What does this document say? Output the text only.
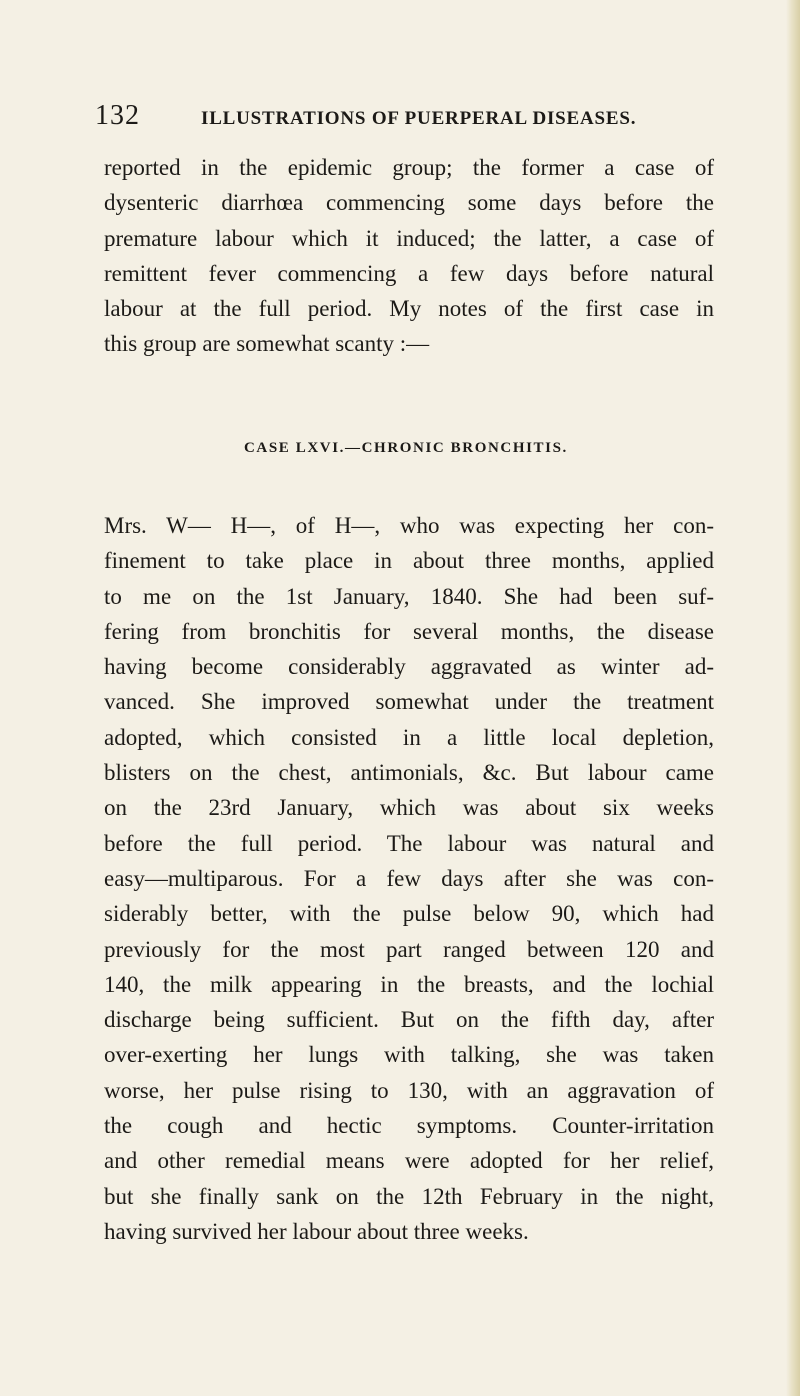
132	ILLUSTRATIONS OF PUERPERAL DISEASES.
reported in the epidemic group; the former a case of
dysenteric diarrhœa commencing some days before the
premature labour which it induced; the latter, a case of
remittent fever commencing a few days before natural
labour at the full period. My notes of the first case in
this group are somewhat scanty :—
CASE LXVI.—CHRONIC BRONCHITIS.
Mrs. W— H—, of H—, who was expecting her con-
finement to take place in about three months, applied
to me on the 1st January, 1840. She had been suf-
fering from bronchitis for several months, the disease
having become considerably aggravated as winter ad-
vanced. She improved somewhat under the treatment
adopted, which consisted in a little local depletion,
blisters on the chest, antimonials, &c. But labour came
on the 23rd January, which was about six weeks
before the full period. The labour was natural and
easy—multiparous. For a few days after she was con-
siderably better, with the pulse below 90, which had
previously for the most part ranged between 120 and
140, the milk appearing in the breasts, and the lochial
discharge being sufficient. But on the fifth day, after
over-exerting her lungs with talking, she was taken
worse, her pulse rising to 130, with an aggravation of
the cough and hectic symptoms. Counter-irritation
and other remedial means were adopted for her relief,
but she finally sank on the 12th February in the night,
having survived her labour about three weeks.
